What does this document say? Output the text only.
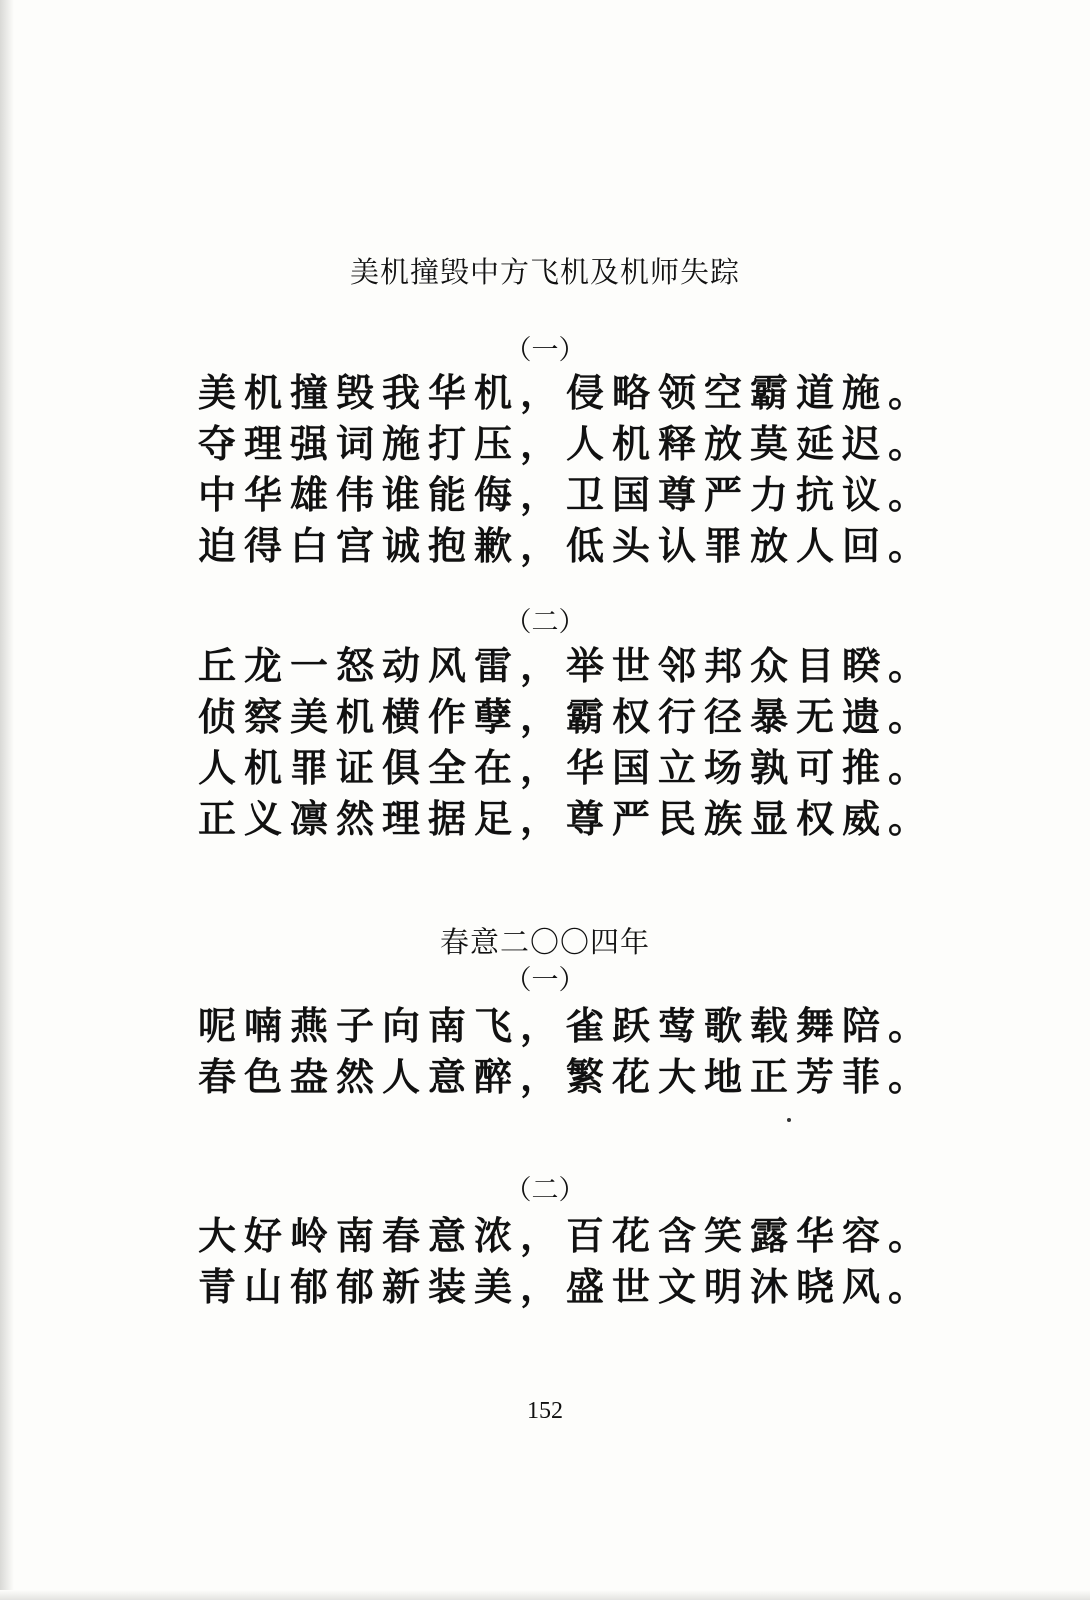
美机撞毁中方飞机及机师失踪
（一）
美机撞毁我华机，侵略领空霸道施。
夺理强词施打压，人机释放莫延迟。
中华雄伟谁能侮，卫国尊严力抗议。
迫得白宫诚抱歉，低头认罪放人回。
（二）
丘龙一怒动风雷，举世邻邦众目睽。
侦察美机横作孽，霸权行径暴无遗。
人机罪证俱全在，华国立场孰可推。
正义凛然理据足，尊严民族显权威。
春意二〇〇四年
（一）
呢喃燕子向南飞，雀跃莺歌载舞陪。
春色盎然人意醉，繁花大地正芳菲。
（二）
大好岭南春意浓，百花含笑露华容。
青山郁郁新装美，盛世文明沐晓风。
152
